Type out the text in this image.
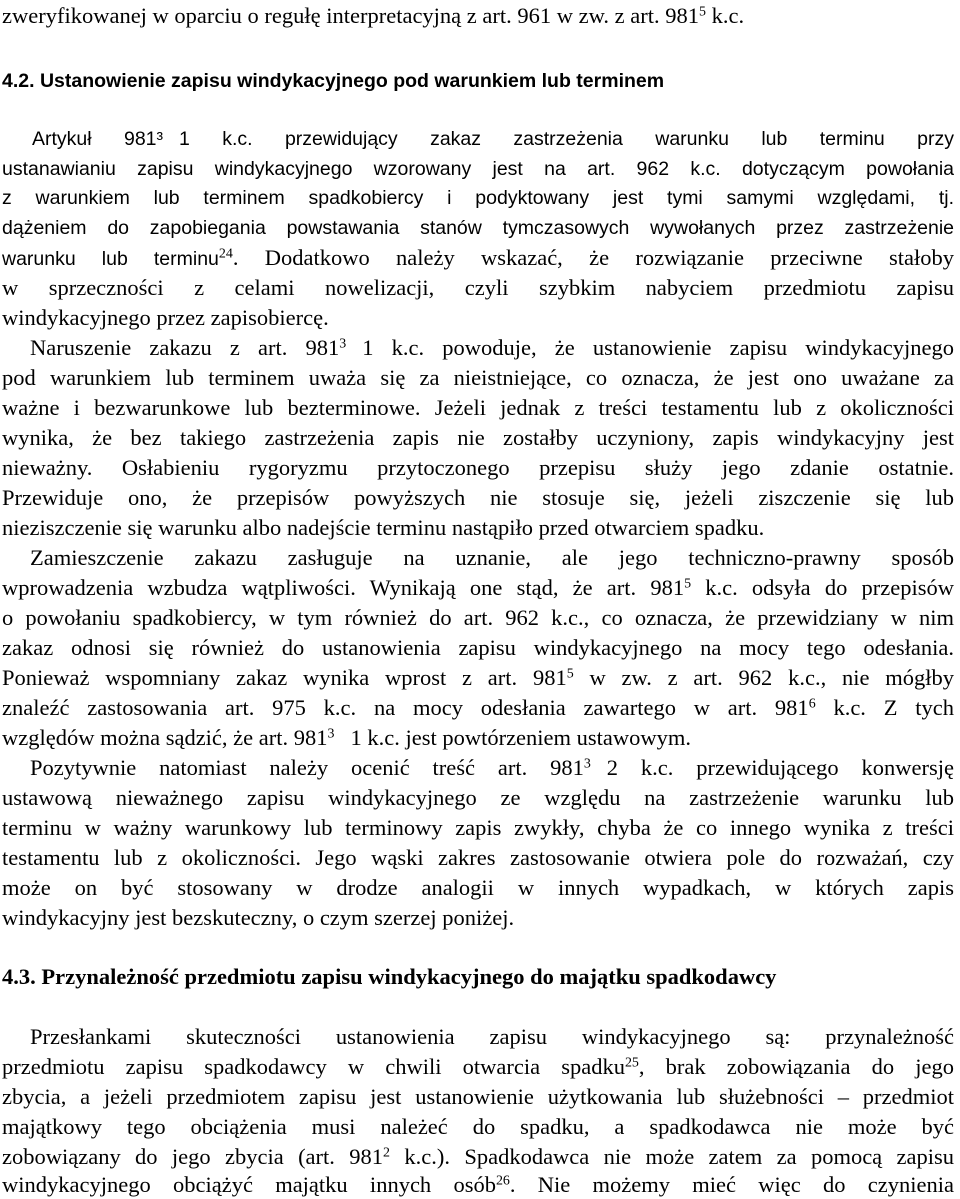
zweryfikowanej w oparciu o regułę interpretacyjną z art. 961 w zw. z art. $981^5$ k.c.
4.2. Ustanowienie zapisu windykacyjnego pod warunkiem lub terminem
Artykuł 981³ 1 k.c. przewidujący zakaz zastrzeżenia warunku lub terminu przy
ustanawianiu zapisu windykacyjnego wzorowany jest na art. 962 k.c. dotyczącym powołania
z warunkiem lub terminem spadkobiercy i podyktowany jest tymi samymi względami, tj.
dążeniem do zapobiegania powstawania stanów tymczasowych wywołanych przez zastrzeżenie
warunku lub terminu$^{24}$. Dodatkowo należy wskazać, że rozwiązanie przeciwne stałoby
w sprzeczności z celami nowelizacji, czyli szybkim nabyciem przedmiotu zapisu
windykacyjnego przez zapisobiercę.
Naruszenie zakazu z art. $981^3$ 1 k.c. powoduje, że ustanowienie zapisu windykacyjnego
pod warunkiem lub terminem uważa się za nieistniejące, co oznacza, że jest ono uważane za
ważne i bezwarunkowe lub bezterminowe. Jeżeli jednak z treści testamentu lub z okoliczności
wynika, że bez takiego zastrzeżenia zapis nie zostałby uczyniony, zapis windykacyjny jest
nieważny. Osłabieniu rygoryzmu przytoczonego przepisu służy jego zdanie ostatnie.
Przewiduje ono, że przepisów powyższych nie stosuje się, jeżeli ziszczenie się lub
nieziszczenie się warunku albo nadejście terminu nastąpiło przed otwarciem spadku.
Zamieszczenie zakazu zasługuje na uznanie, ale jego techniczno-prawny sposób
wprowadzenia wzbudza wątpliwości. Wynikają one stąd, że art. $981^5$ k.c. odsyła do przepisów
o powołaniu spadkobiercy, w tym również do art. 962 k.c., co oznacza, że przewidziany w nim
zakaz odnosi się również do ustanowienia zapisu windykacyjnego na mocy tego odesłania.
Ponieważ wspomniany zakaz wynika wprost z art. $981^5$ w zw. z art. 962 k.c., nie mógłby
znaleźć zastosowania art. 975 k.c. na mocy odesłania zawartego w art. $981^6$ k.c. Z tych
względów można sądzić, że art. $981^3$ 1 k.c. jest powtórzeniem ustawowym.
Pozytywnie natomiast należy ocenić treść art. $981^3$ 2 k.c. przewidującego konwersję
ustawową nieważnego zapisu windykacyjnego ze względu na zastrzeżenie warunku lub
terminu w ważny warunkowy lub terminowy zapis zwykły, chyba że co innego wynika z treści
testamentu lub z okoliczności. Jego wąski zakres zastosowanie otwiera pole do rozważań, czy
może on być stosowany w drodze analogii w innych wypadkach, w których zapis
windykacyjny jest bezskuteczny, o czym szerzej poniżej.
4.3. Przynależność przedmiotu zapisu windykacyjnego do majątku spadkodawcy
Przesłankami skuteczności ustanowienia zapisu windykacyjnego są: przynależność
przedmiotu zapisu spadkodawcy w chwili otwarcia spadku$^{25}$, brak zobowiązania do jego
zbycia, a jeżeli przedmiotem zapisu jest ustanowienie użytkowania lub służebności – przedmiot
majątkowy tego obciążenia musi należeć do spadku, a spadkodawca nie może być
zobowiązany do jego zbycia (art. $981^2$ k.c.). Spadkodawca nie może zatem za pomocą zapisu
windykacyjnego obciążyć majątku innych osób$^{26}$. Nie możemy mieć więc do czynienia
